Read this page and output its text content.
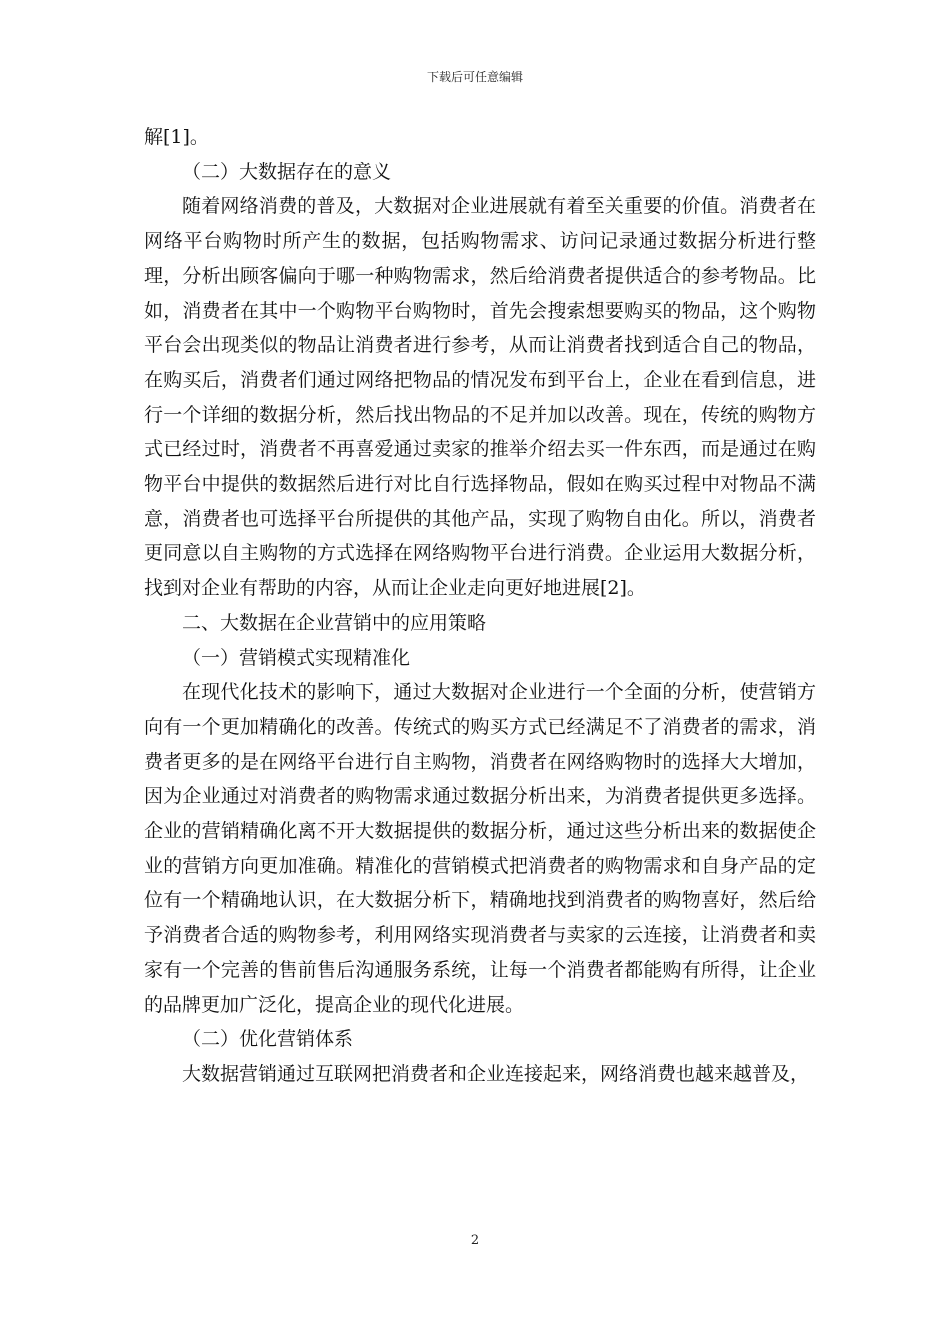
下载后可任意编辑

解[1]。

（二）大数据存在的意义

随着网络消费的普及，大数据对企业进展就有着至关重要的价值。消费者在网络平台购物时所产生的数据，包括购物需求、访问记录通过数据分析进行整理，分析出顾客偏向于哪一种购物需求，然后给消费者提供适合的参考物品。比如，消费者在其中一个购物平台购物时，首先会搜索想要购买的物品，这个购物平台会出现类似的物品让消费者进行参考，从而让消费者找到适合自己的物品，在购买后，消费者们通过网络把物品的情况发布到平台上，企业在看到信息，进行一个详细的数据分析，然后找出物品的不足并加以改善。现在，传统的购物方式已经过时，消费者不再喜爱通过卖家的推举介绍去买一件东西，而是通过在购物平台中提供的数据然后进行对比自行选择物品，假如在购买过程中对物品不满意，消费者也可选择平台所提供的其他产品，实现了购物自由化。所以，消费者更同意以自主购物的方式选择在网络购物平台进行消费。企业运用大数据分析，找到对企业有帮助的内容，从而让企业走向更好地进展[2]。

二、大数据在企业营销中的应用策略

（一）营销模式实现精准化

在现代化技术的影响下，通过大数据对企业进行一个全面的分析，使营销方向有一个更加精确化的改善。传统式的购买方式已经满足不了消费者的需求，消费者更多的是在网络平台进行自主购物，消费者在网络购物时的选择大大增加，因为企业通过对消费者的购物需求通过数据分析出来，为消费者提供更多选择。企业的营销精确化离不开大数据提供的数据分析，通过这些分析出来的数据使企业的营销方向更加准确。精准化的营销模式把消费者的购物需求和自身产品的定位有一个精确地认识，在大数据分析下，精确地找到消费者的购物喜好，然后给予消费者合适的购物参考，利用网络实现消费者与卖家的云连接，让消费者和卖家有一个完善的售前售后沟通服务系统，让每一个消费者都能购有所得，让企业的品牌更加广泛化，提高企业的现代化进展。

（二）优化营销体系

大数据营销通过互联网把消费者和企业连接起来，网络消费也越来越普及，

2
